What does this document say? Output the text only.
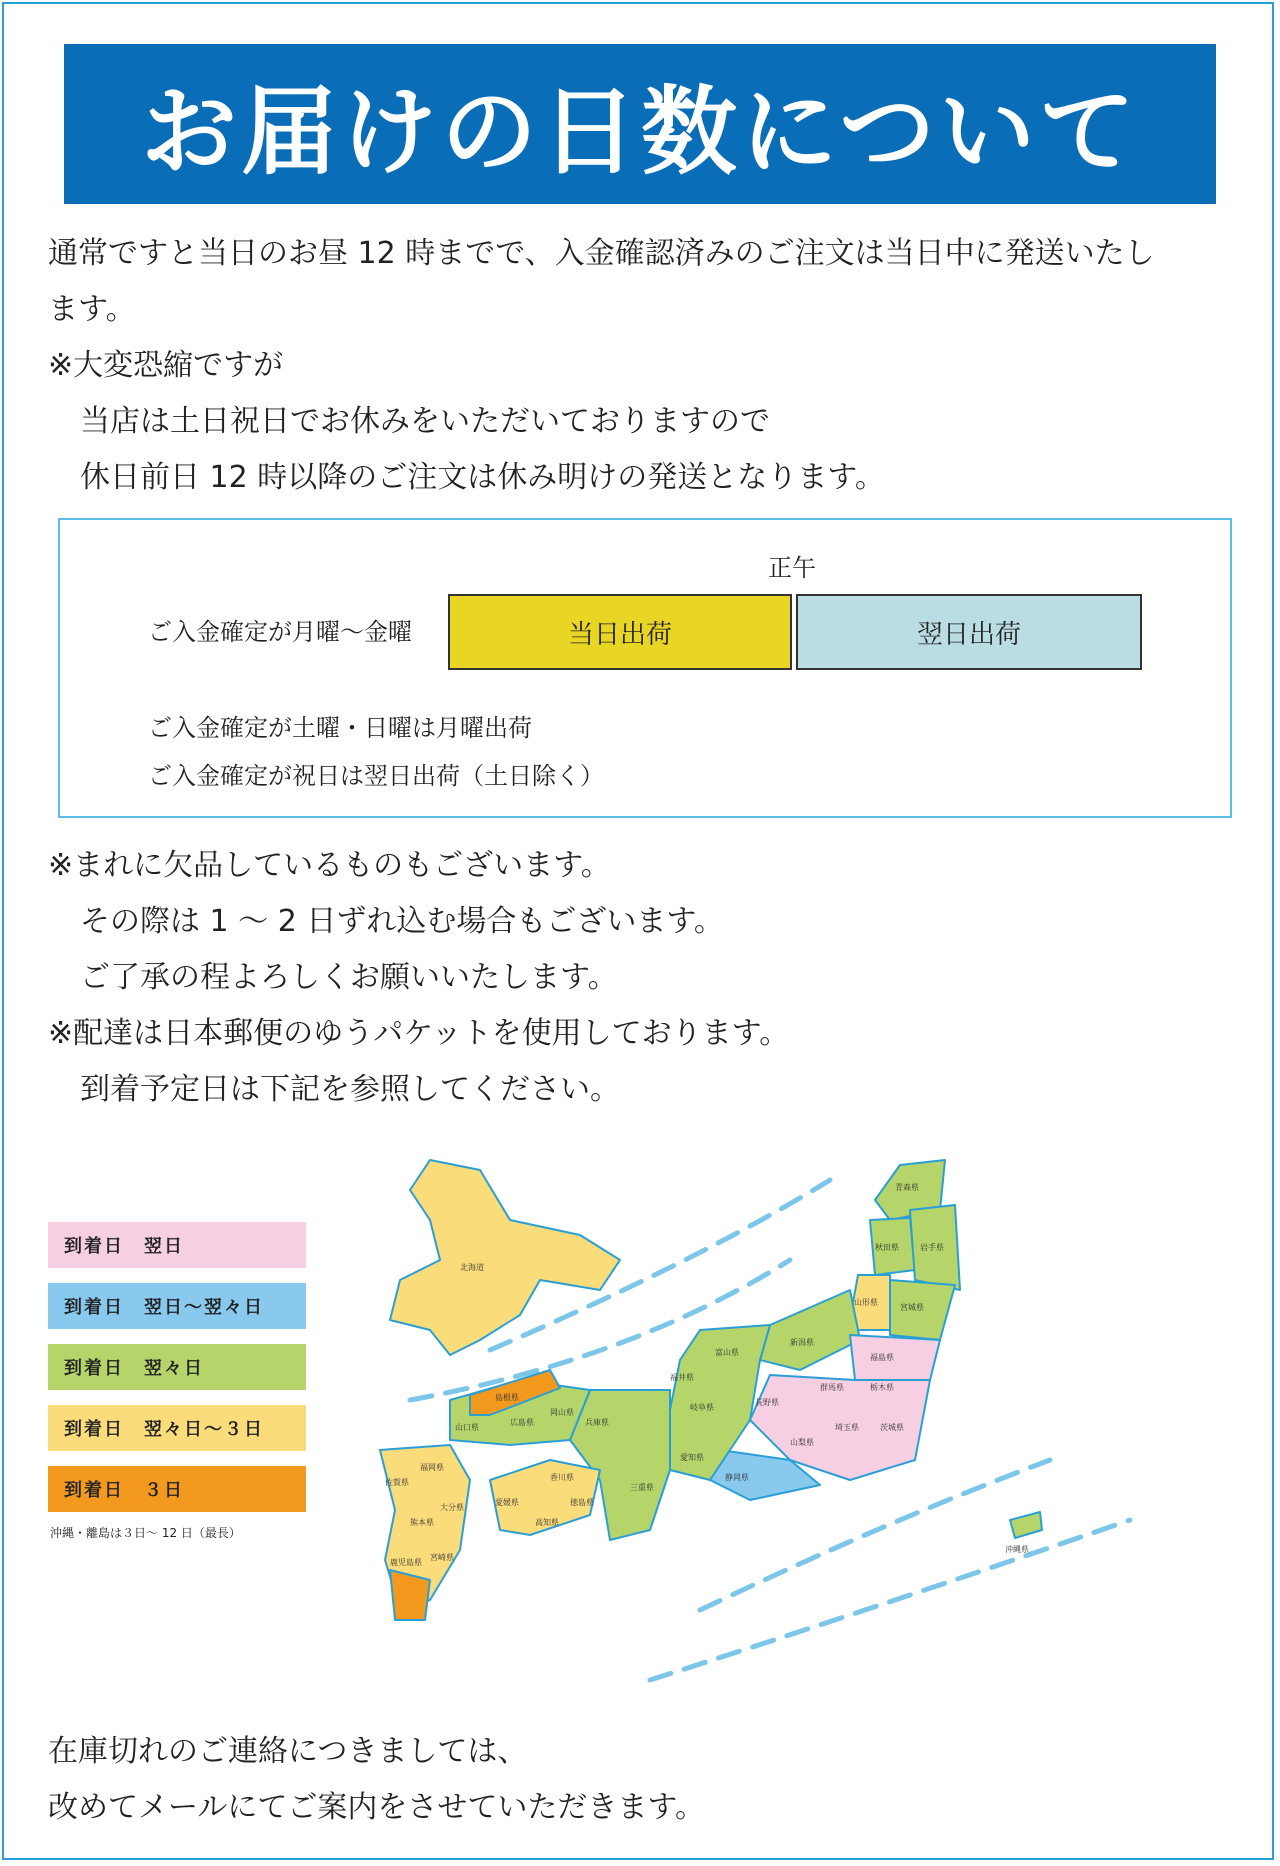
お届けの日数について

通常ですと当日のお昼 12 時までで、入金確認済みのご注文は当日中に発送いたし

ます。

※大変恐縮ですが

当店は土日祝日でお休みをいただいておりますので

休日前日 12 時以降のご注文は休み明けの発送となります。

正午
ご入金確定が月曜～金曜	当日出荷	翌日出荷
ご入金確定が土曜・日曜は月曜出荷
ご入金確定が祝日は翌日出荷（土日除く）

※まれに欠品しているものもございます。

その際は 1 ～ 2 日ずれ込む場合もございます。

ご了承の程よろしくお願いいたします。

※配達は日本郵便のゆうパケットを使用しております。

到着予定日は下記を参照してください。

到着日　翌日
到着日　翌日～翌々日
到着日　翌々日
到着日　翌々日～３日
到着日　３日
沖縄・離島は３日～ 12 日（最長）
北海道
青森県
秋田県	岩手県
山形県
宮城県
新潟県
福島県
富山県
長野県
群馬県	栃木県
茨城県
埼玉県
福井県
岐阜県
山梨県
愛知県
静岡県
島根県
山口県
広島県
岡山県
兵庫県
三重県
福岡県
佐賀県
熊本県
大分県
宮崎県
鹿児島県
愛媛県
香川県
高知県
徳島県
沖縄県

在庫切れのご連絡につきましては、

改めてメールにてご案内をさせていただきます。
